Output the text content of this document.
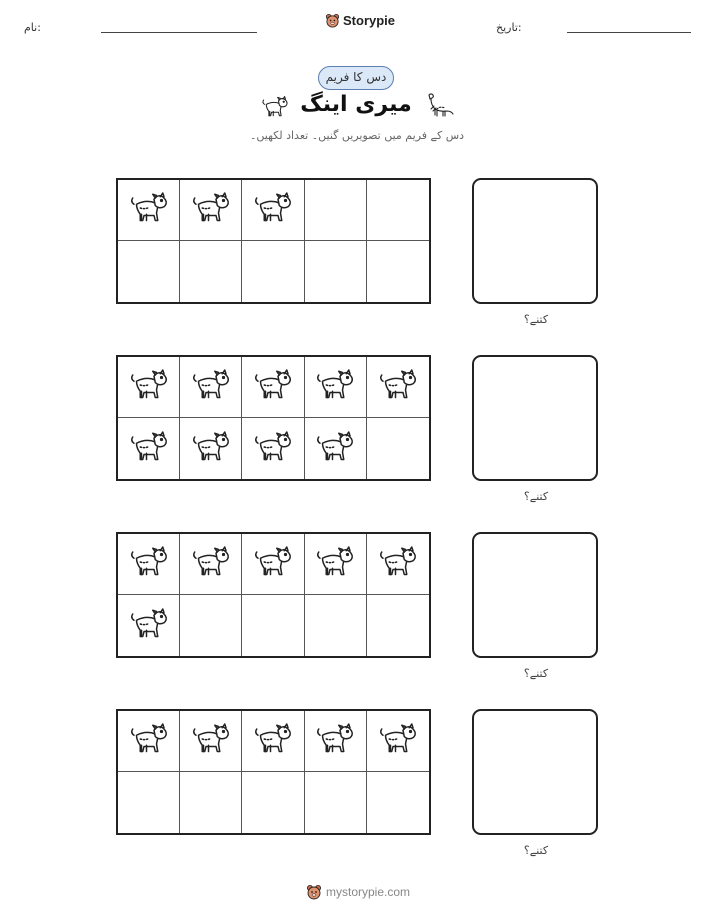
نام:	Storypie	تاریخ:
دس کا فریم
میری اینگ
دس کے فریم میں تصویریں گنیں۔ تعداد لکھیں۔
کتنے؟
کتنے؟
کتنے؟
کتنے؟
mystorypie.com
